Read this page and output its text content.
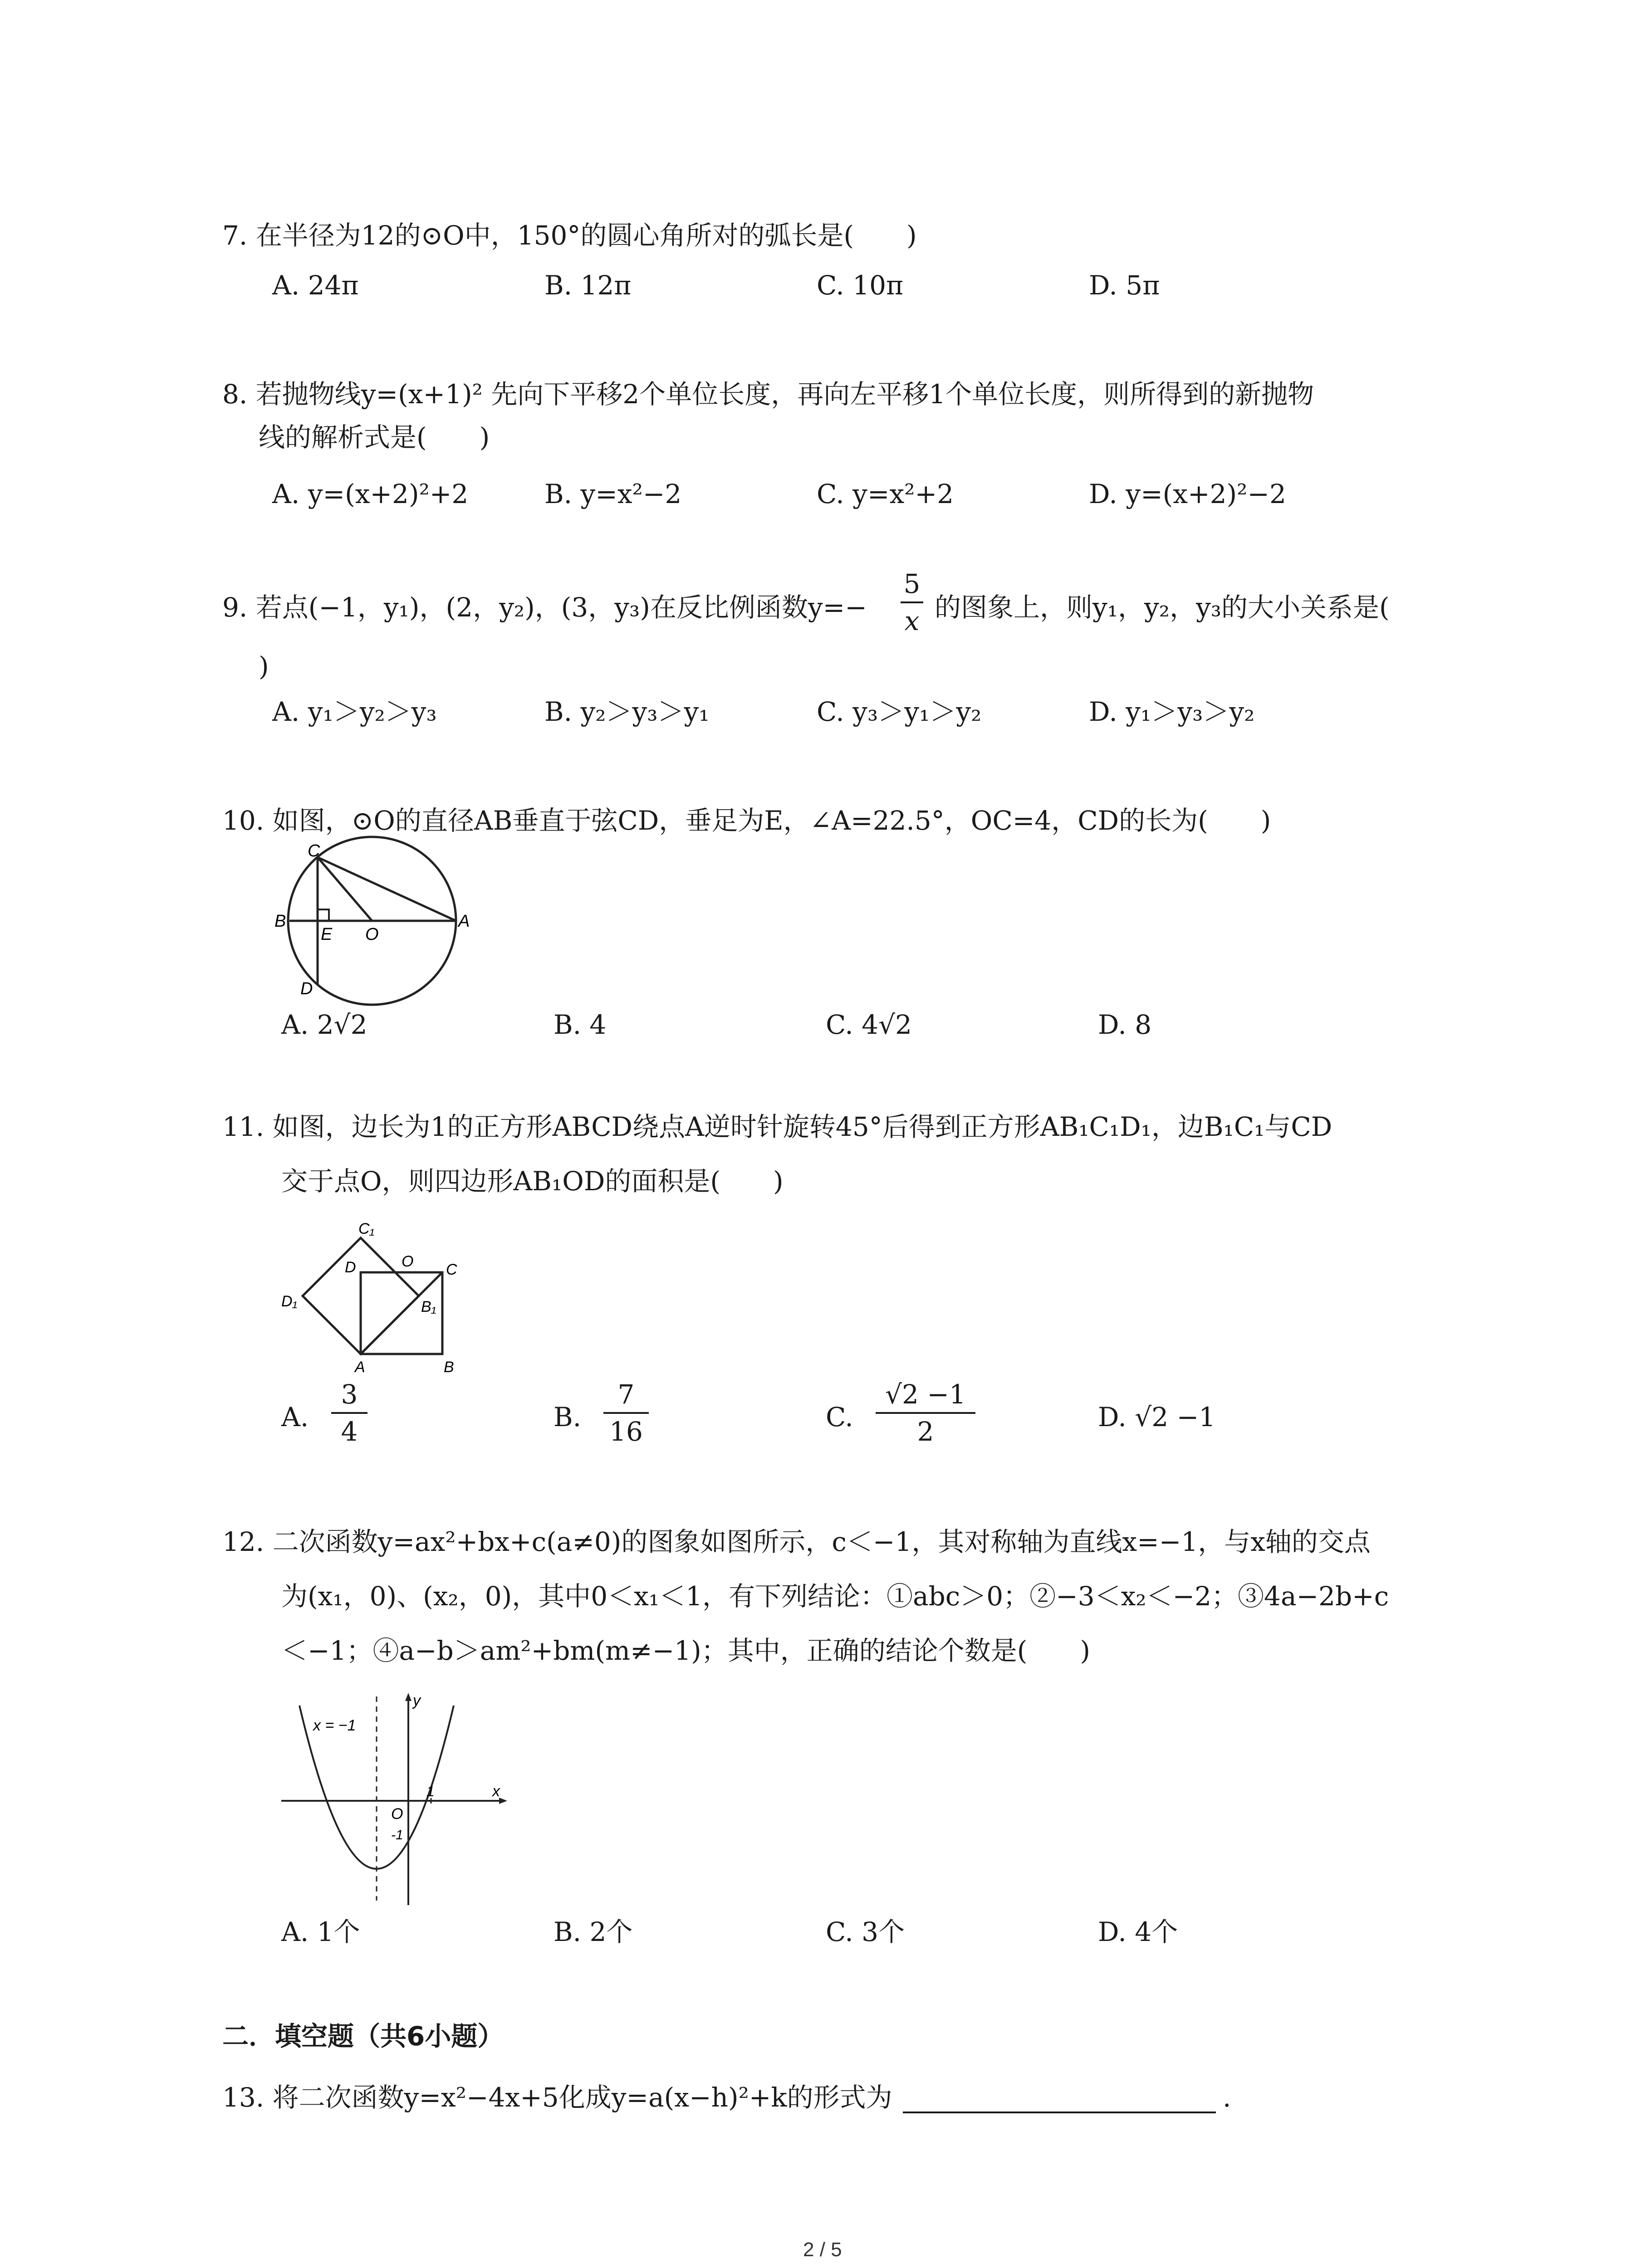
7. 在半径为12的⊙O中，150°的圆心角所对的弧长是(　　)
A. 24π	B. 12π	C. 10π	D. 5π
8. 若抛物线y=(x+1)² 先向下平移2个单位长度，再向左平移1个单位长度，则所得到的新抛物
线的解析式是(　　)
A. y=(x+2)²+2	B. y=x²−2	C. y=x²+2	D. y=(x+2)²−2
9. 若点(−1，y₁)，(2，y₂)，(3，y₃)在反比例函数y=−
5
x 的图象上，则y₁，y₂，y₃的大小关系是(
)
A. y₁＞y₂＞y₃	B. y₂＞y₃＞y₁	C. y₃＞y₁＞y₂	D. y₁＞y₃＞y₂
10. 如图，⊙O的直径AB垂直于弦CD，垂足为E，∠A=22.5°，OC=4，CD的长为(　　)
C
B
E O
A
D
A. 2√2	B. 4	C. 4√2	D. 8
11. 如图，边长为1的正方形ABCD绕点A逆时针旋转45°后得到正方形AB₁C₁D₁，边B₁C₁与CD
交于点O，则四边形AB₁OD的面积是(　　)
C₁
D	O C
D₁	B₁
A	B
A.
3
4	B.
7
16	C.
√2 −1
2	D. √2 −1
12. 二次函数y=ax²+bx+c(a≠0)的图象如图所示，c＜−1，其对称轴为直线x=−1，与x轴的交点
为(x₁，0)、(x₂，0)，其中0＜x₁＜1，有下列结论：①abc＞0；②−3＜x₂＜−2；③4a−2b+c
＜−1；④a−b＞am²+bm(m≠−1)；其中，正确的结论个数是(　　)
x = −1
y
x
O
1
-1
A. 1个	B. 2个	C. 3个	D. 4个
二．填空题（共6小题）
13. 将二次函数y=x²−4x+5化成y=a(x−h)²+k的形式为	.
2 / 5
